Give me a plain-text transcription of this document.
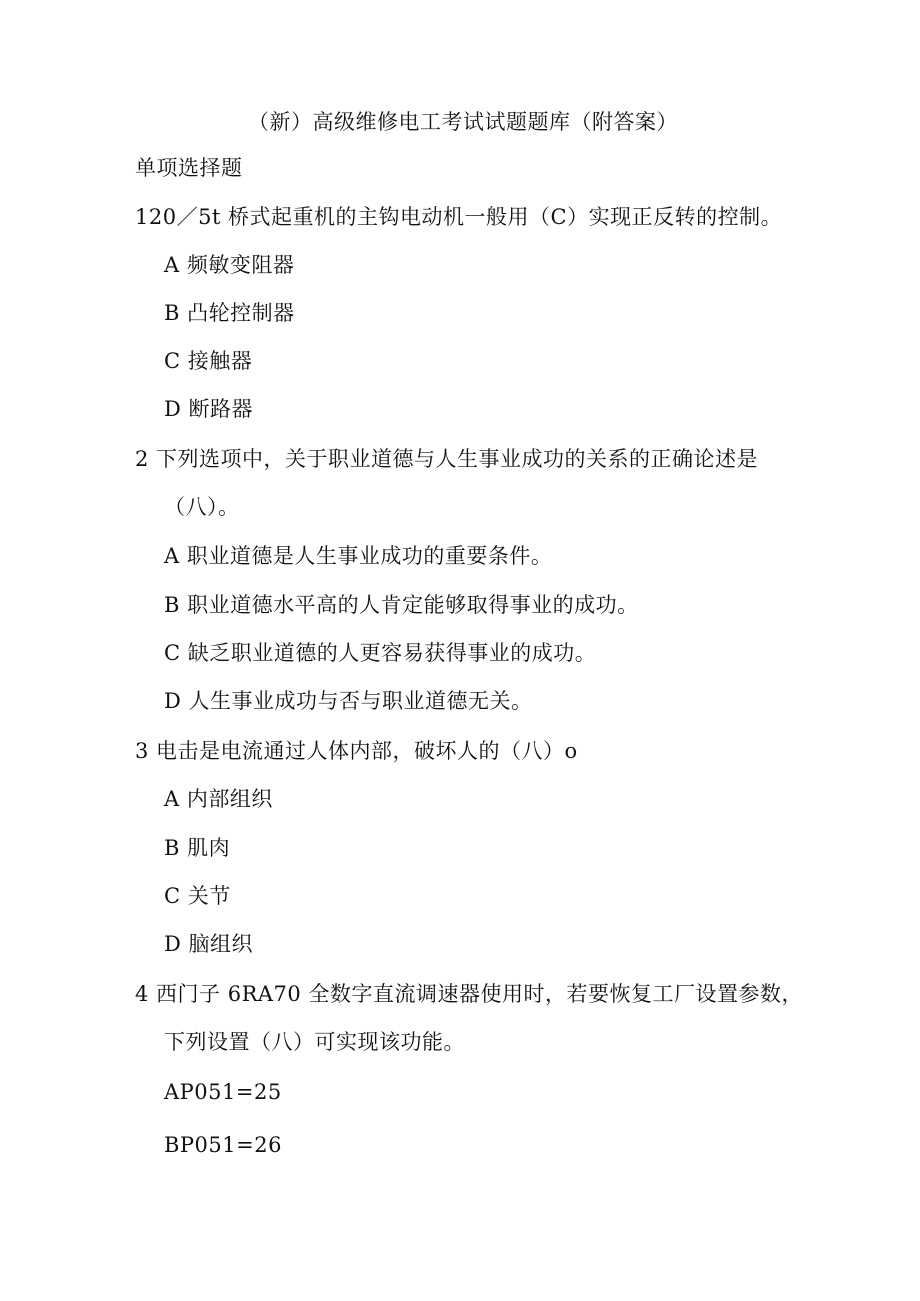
（新）高级维修电工考试试题题库（附答案）
单项选择题
120／5t 桥式起重机的主钩电动机一般用（C）实现正反转的控制。
A 频敏变阻器
B 凸轮控制器
C 接触器
D 断路器
2 下列选项中，关于职业道德与人生事业成功的关系的正确论述是
（八）。
A 职业道德是人生事业成功的重要条件。
B 职业道德水平高的人肯定能够取得事业的成功。
C 缺乏职业道德的人更容易获得事业的成功。
D 人生事业成功与否与职业道德无关。
3 电击是电流通过人体内部，破坏人的（八）o
A 内部组织
B 肌肉
C 关节
D 脑组织
4 西门子 6RA70 全数字直流调速器使用时，若要恢复工厂设置参数，
下列设置（八）可实现该功能。
AP051=25
BP051=26
